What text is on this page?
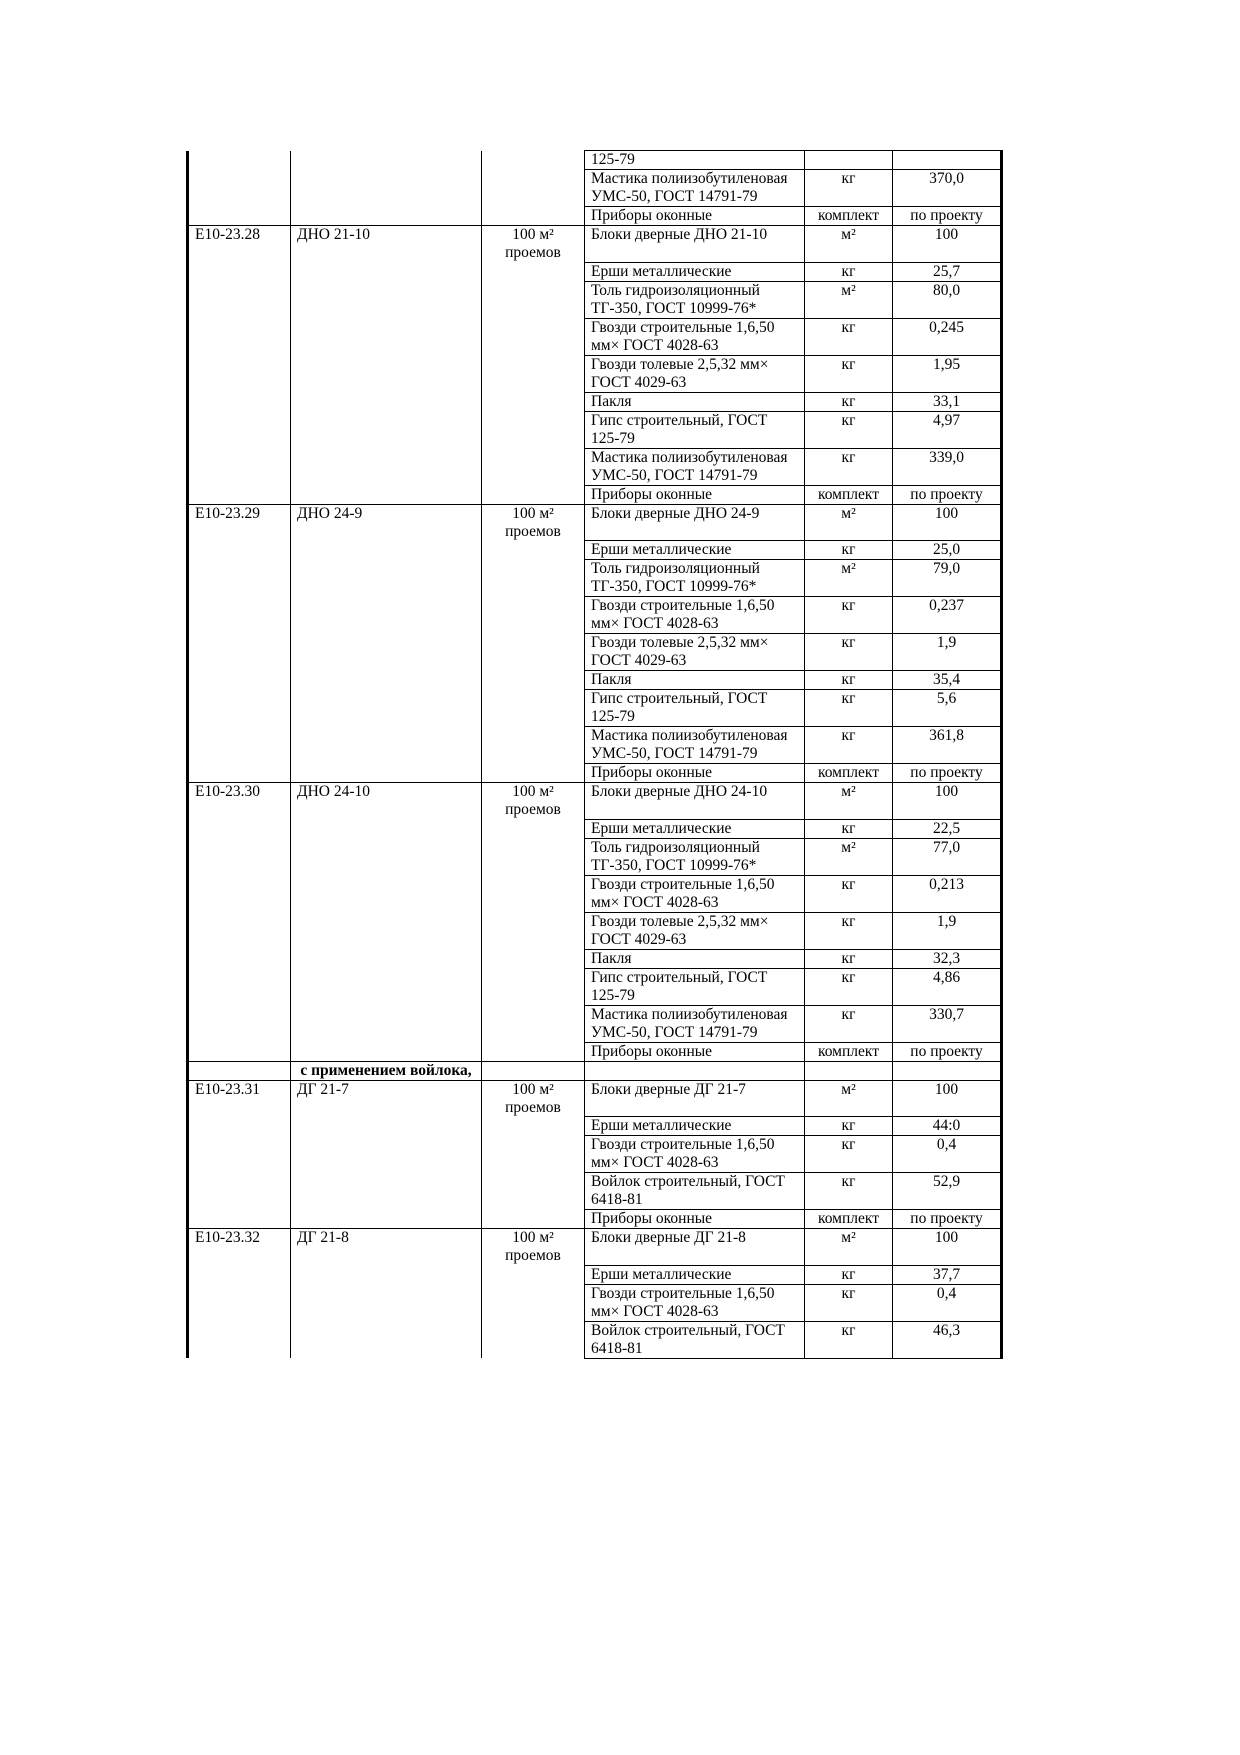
			125-79		
			Мастика полиизобутиленовая УМС-50, ГОСТ 14791-79	кг	370,0
			Приборы оконные	комплект	по проекту
Е10-23.28	ДНО 21-10	100 м² проемов	Блоки дверные ДНО 21-10	м²	100
			Ерши металлические	кг	25,7
			Толь гидроизоляционный ТГ-350, ГОСТ 10999-76*	м²	80,0
			Гвозди строительные 1,6,50 мм× ГОСТ 4028-63	кг	0,245
			Гвозди толевые 2,5,32 мм× ГОСТ 4029-63	кг	1,95
			Пакля	кг	33,1
			Гипс строительный, ГОСТ 125-79	кг	4,97
			Мастика полиизобутиленовая УМС-50, ГОСТ 14791-79	кг	339,0
			Приборы оконные	комплект	по проекту
Е10-23.29	ДНО 24-9	100 м² проемов	Блоки дверные ДНО 24-9	м²	100
			Ерши металлические	кг	25,0
			Толь гидроизоляционный ТГ-350, ГОСТ 10999-76*	м²	79,0
			Гвозди строительные 1,6,50 мм× ГОСТ 4028-63	кг	0,237
			Гвозди толевые 2,5,32 мм× ГОСТ 4029-63	кг	1,9
			Пакля	кг	35,4
			Гипс строительный, ГОСТ 125-79	кг	5,6
			Мастика полиизобутиленовая УМС-50, ГОСТ 14791-79	кг	361,8
			Приборы оконные	комплект	по проекту
Е10-23.30	ДНО 24-10	100 м² проемов	Блоки дверные ДНО 24-10	м²	100
			Ерши металлические	кг	22,5
			Толь гидроизоляционный ТГ-350, ГОСТ 10999-76*	м²	77,0
			Гвозди строительные 1,6,50 мм× ГОСТ 4028-63	кг	0,213
			Гвозди толевые 2,5,32 мм× ГОСТ 4029-63	кг	1,9
			Пакля	кг	32,3
			Гипс строительный, ГОСТ 125-79	кг	4,86
			Мастика полиизобутиленовая УМС-50, ГОСТ 14791-79	кг	330,7
			Приборы оконные	комплект	по проекту
	с применением войлока,				
Е10-23.31	ДГ 21-7	100 м² проемов	Блоки дверные ДГ 21-7	м²	100
			Ерши металлические	кг	44:0
			Гвозди строительные 1,6,50 мм× ГОСТ 4028-63	кг	0,4
			Войлок строительный, ГОСТ 6418-81	кг	52,9
			Приборы оконные	комплект	по проекту
Е10-23.32	ДГ 21-8	100 м² проемов	Блоки дверные ДГ 21-8	м²	100
			Ерши металлические	кг	37,7
			Гвозди строительные 1,6,50 мм× ГОСТ 4028-63	кг	0,4
			Войлок строительный, ГОСТ 6418-81	кг	46,3
